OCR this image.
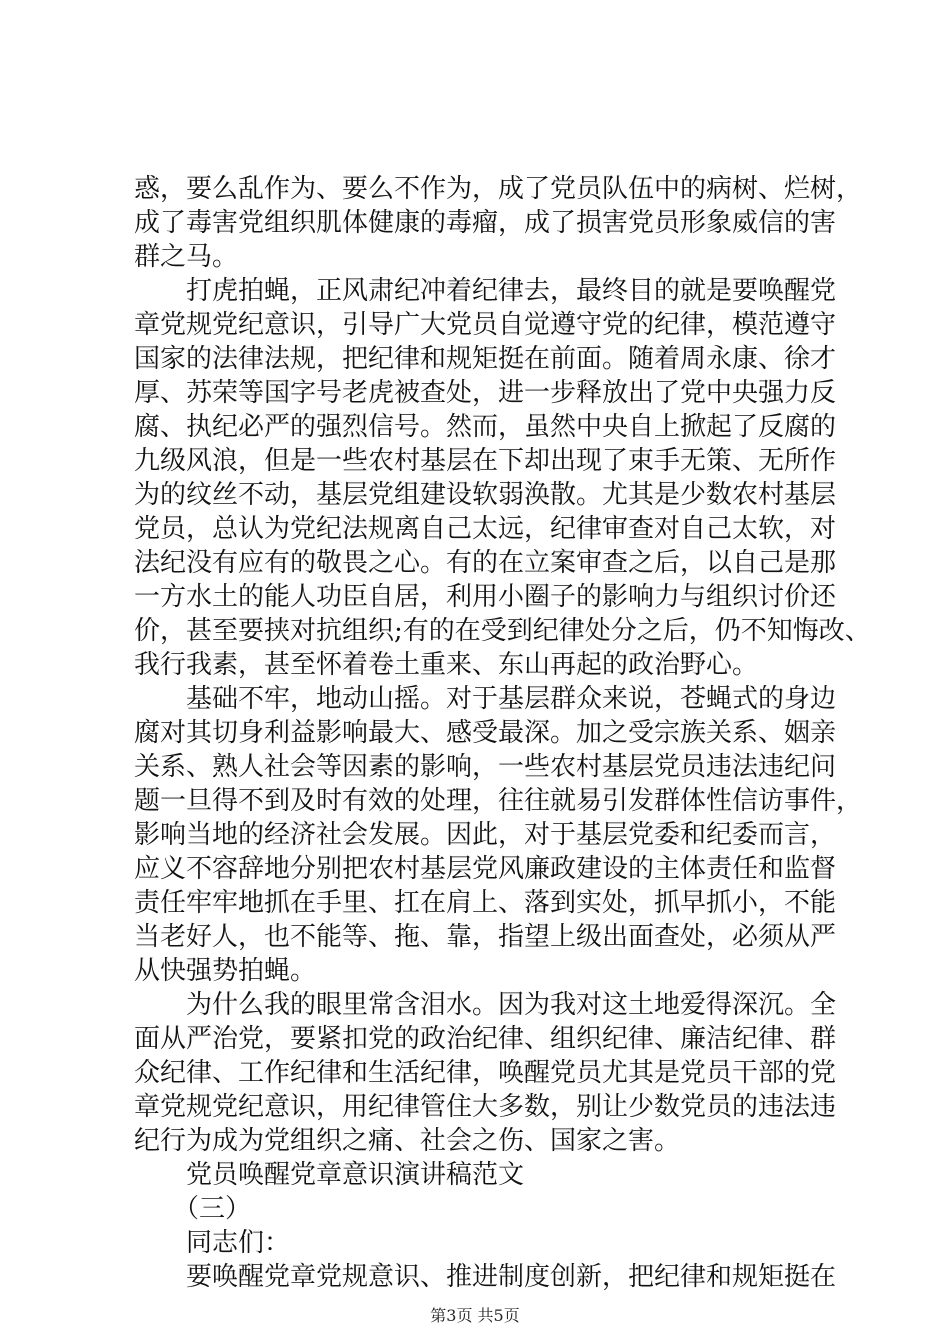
惑，要么乱作为、要么不作为，成了党员队伍中的病树、烂树，
成了毒害党组织肌体健康的毒瘤，成了损害党员形象威信的害
群之马。
　　打虎拍蝇，正风肃纪冲着纪律去，最终目的就是要唤醒党
章党规党纪意识，引导广大党员自觉遵守党的纪律，模范遵守
国家的法律法规，把纪律和规矩挺在前面。随着周永康、徐才
厚、苏荣等国字号老虎被查处，进一步释放出了党中央强力反
腐、执纪必严的强烈信号。然而，虽然中央自上掀起了反腐的
九级风浪，但是一些农村基层在下却出现了束手无策、无所作
为的纹丝不动，基层党组建设软弱涣散。尤其是少数农村基层
党员，总认为党纪法规离自己太远，纪律审查对自己太软，对
法纪没有应有的敬畏之心。有的在立案审查之后，以自己是那
一方水土的能人功臣自居，利用小圈子的影响力与组织讨价还
价，甚至要挟对抗组织;有的在受到纪律处分之后，仍不知悔改、
我行我素，甚至怀着卷土重来、东山再起的政治野心。
　　基础不牢，地动山摇。对于基层群众来说，苍蝇式的身边
腐对其切身利益影响最大、感受最深。加之受宗族关系、姻亲
关系、熟人社会等因素的影响，一些农村基层党员违法违纪问
题一旦得不到及时有效的处理，往往就易引发群体性信访事件，
影响当地的经济社会发展。因此，对于基层党委和纪委而言，
应义不容辞地分别把农村基层党风廉政建设的主体责任和监督
责任牢牢地抓在手里、扛在肩上、落到实处，抓早抓小，不能
当老好人，也不能等、拖、靠，指望上级出面查处，必须从严
从快强势拍蝇。
　　为什么我的眼里常含泪水。因为我对这土地爱得深沉。全
面从严治党，要紧扣党的政治纪律、组织纪律、廉洁纪律、群
众纪律、工作纪律和生活纪律，唤醒党员尤其是党员干部的党
章党规党纪意识，用纪律管住大多数，别让少数党员的违法违
纪行为成为党组织之痛、社会之伤、国家之害。
　　党员唤醒党章意识演讲稿范文
　　（三）
　　同志们：
　　要唤醒党章党规意识、推进制度创新，把纪律和规矩挺在
第3页 共5页
